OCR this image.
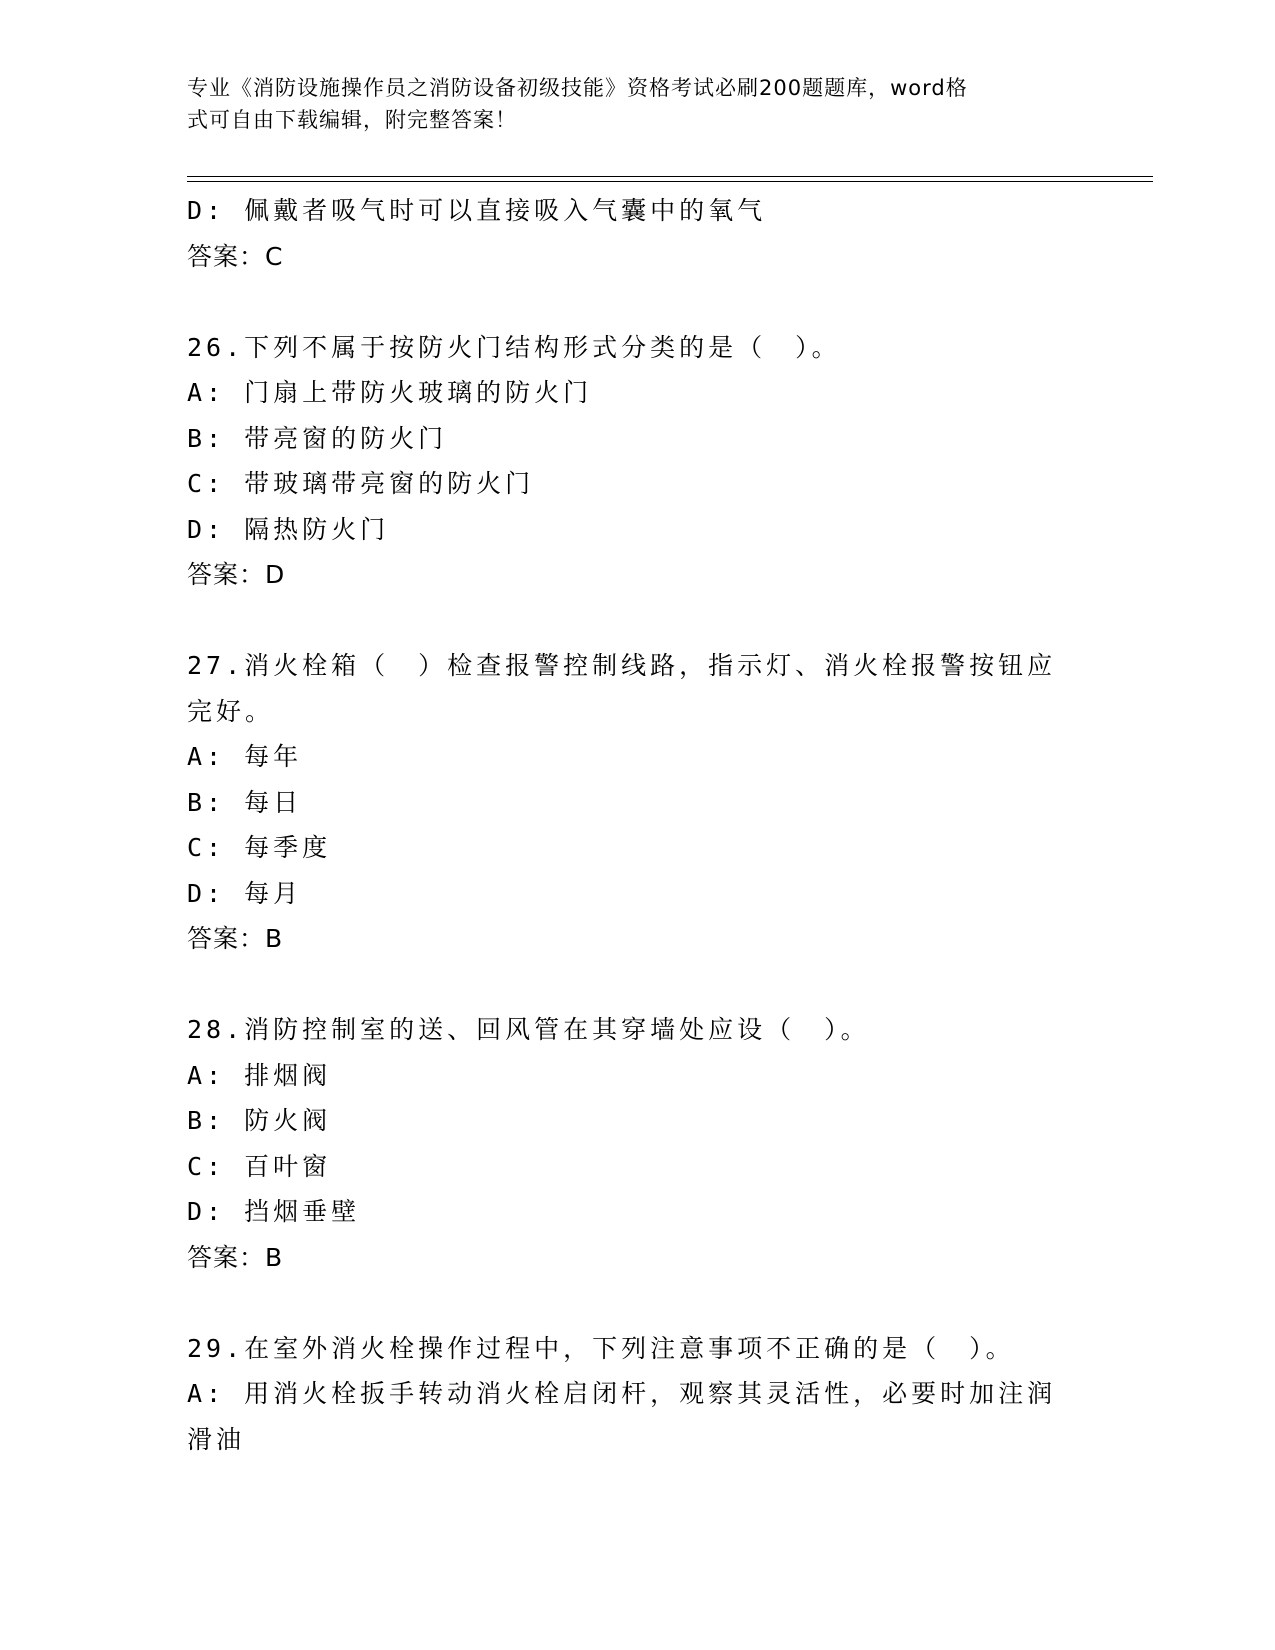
专业《消防设施操作员之消防设备初级技能》资格考试必刷200题题库，word格
式可自由下载编辑，附完整答案！
D: 佩戴者吸气时可以直接吸入气囊中的氧气
答案：C
26.下列不属于按防火门结构形式分类的是（　）。
A: 门扇上带防火玻璃的防火门
B: 带亮窗的防火门
C: 带玻璃带亮窗的防火门
D: 隔热防火门
答案：D
27.消火栓箱（　）检查报警控制线路，指示灯、消火栓报警按钮应完好。
A: 每年
B: 每日
C: 每季度
D: 每月
答案：B
28.消防控制室的送、回风管在其穿墙处应设（　）。
A: 排烟阀
B: 防火阀
C: 百叶窗
D: 挡烟垂壁
答案：B
29.在室外消火栓操作过程中，下列注意事项不正确的是（　）。
A: 用消火栓扳手转动消火栓启闭杆，观察其灵活性，必要时加注润滑油
